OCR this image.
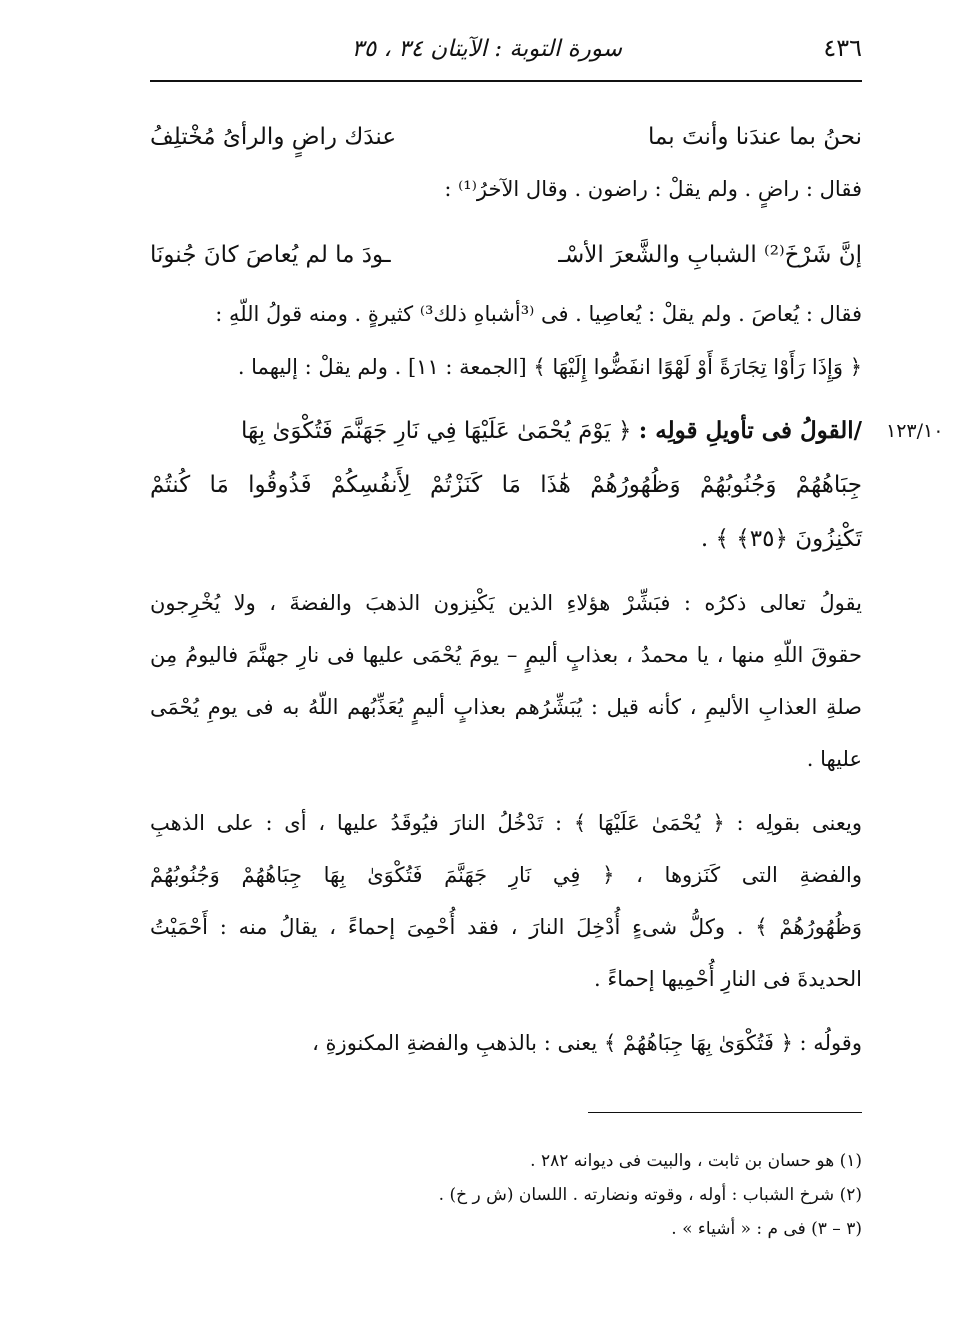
٤٣٦
سورة التوبة : الآيتان ٣٤ ، ٣٥
نحنُ بما عندَنا وأنتَ بما
عندَك راضٍ والرأىُ مُخْتلِفُ
فقال : راضٍ . ولم يقلْ : راضون . وقال الآخرُ⁽¹⁾ :
إنَّ شَرْخَ⁽²⁾ الشبابِ والشَّعرَ الأسْـ
ـودَ ما لم يُعاصَ كانَ جُنونَا
فقال : يُعاصَ . ولم يقلْ : يُعاصِيا . فى ⁽³أشباهِ ذلك³⁾ كثيرةٍ . ومنه قولُ اللّهِ :
﴿ وَإِذَا رَأَوْا تِجَارَةً أَوْ لَهْوًا انفَضُّوا إِلَيْهَا ﴾ [الجمعة : ١١] . ولم يقلْ : إليهما .
١٢٣/١٠
/القولُ فى تأويلِ قولِه : ﴿ يَوْمَ يُحْمَىٰ عَلَيْهَا فِي نَارِ جَهَنَّمَ فَتُكْوَىٰ بِهَا
جِبَاهُهُمْ وَجُنُوبُهُمْ وَظُهُورُهُمْ هَٰذَا مَا كَنَزْتُمْ لِأَنفُسِكُمْ فَذُوقُوا مَا كُنتُمْ
تَكْنِزُونَ ﴿٣٥﴾ ﴾ .
يقولُ تعالى ذكرُه : فبَشِّرْ هؤلاءِ الذين يَكْنِزون الذهبَ والفضةَ ، ولا يُخْرِجون
حقوقَ اللّهِ منها ، يا محمدُ ، بعذابٍ أليمٍ – يومَ يُحْمَى عليها فى نارِ جهنَّمَ فاليومُ مِن
صلةِ العذابِ الأليمِ ، كأنه قيل : يُبَشِّرُهم بعذابٍ أليمٍ يُعَذِّبُهم اللّهُ به فى يومِ يُحْمَى
عليها .
ويعنى بقولِه : ﴿ يُحْمَىٰ عَلَيْهَا ﴾ : تَدْخُلُ النارَ فيُوقَدُ عليها ، أى : على الذهبِ
والفضةِ التى كَنَزوها ، ﴿ فِي نَارِ جَهَنَّمَ فَتُكْوَىٰ بِهَا جِبَاهُهُمْ وَجُنُوبُهُمْ
وَظُهُورُهُمْ ﴾ . وكلُّ شىءٍ أُدْخِلَ النارَ ، فقد أُحْمِىَ إحماءً ، يقالُ منه : أَحْمَيْتُ
الحديدةَ فى النارِ أُحْمِيها إحماءً .
وقولُه : ﴿ فَتُكْوَىٰ بِهَا جِبَاهُهُمْ ﴾ يعنى : بالذهبِ والفضةِ المكنوزةِ ،
(١) هو حسان بن ثابت ، والبيت فى ديوانه ٢٨٢ .
(٢) شرخ الشباب : أوله ، وقوته ونضارته . اللسان (ش ر خ) .
(٣ – ٣) فى م : « أشياء » .
